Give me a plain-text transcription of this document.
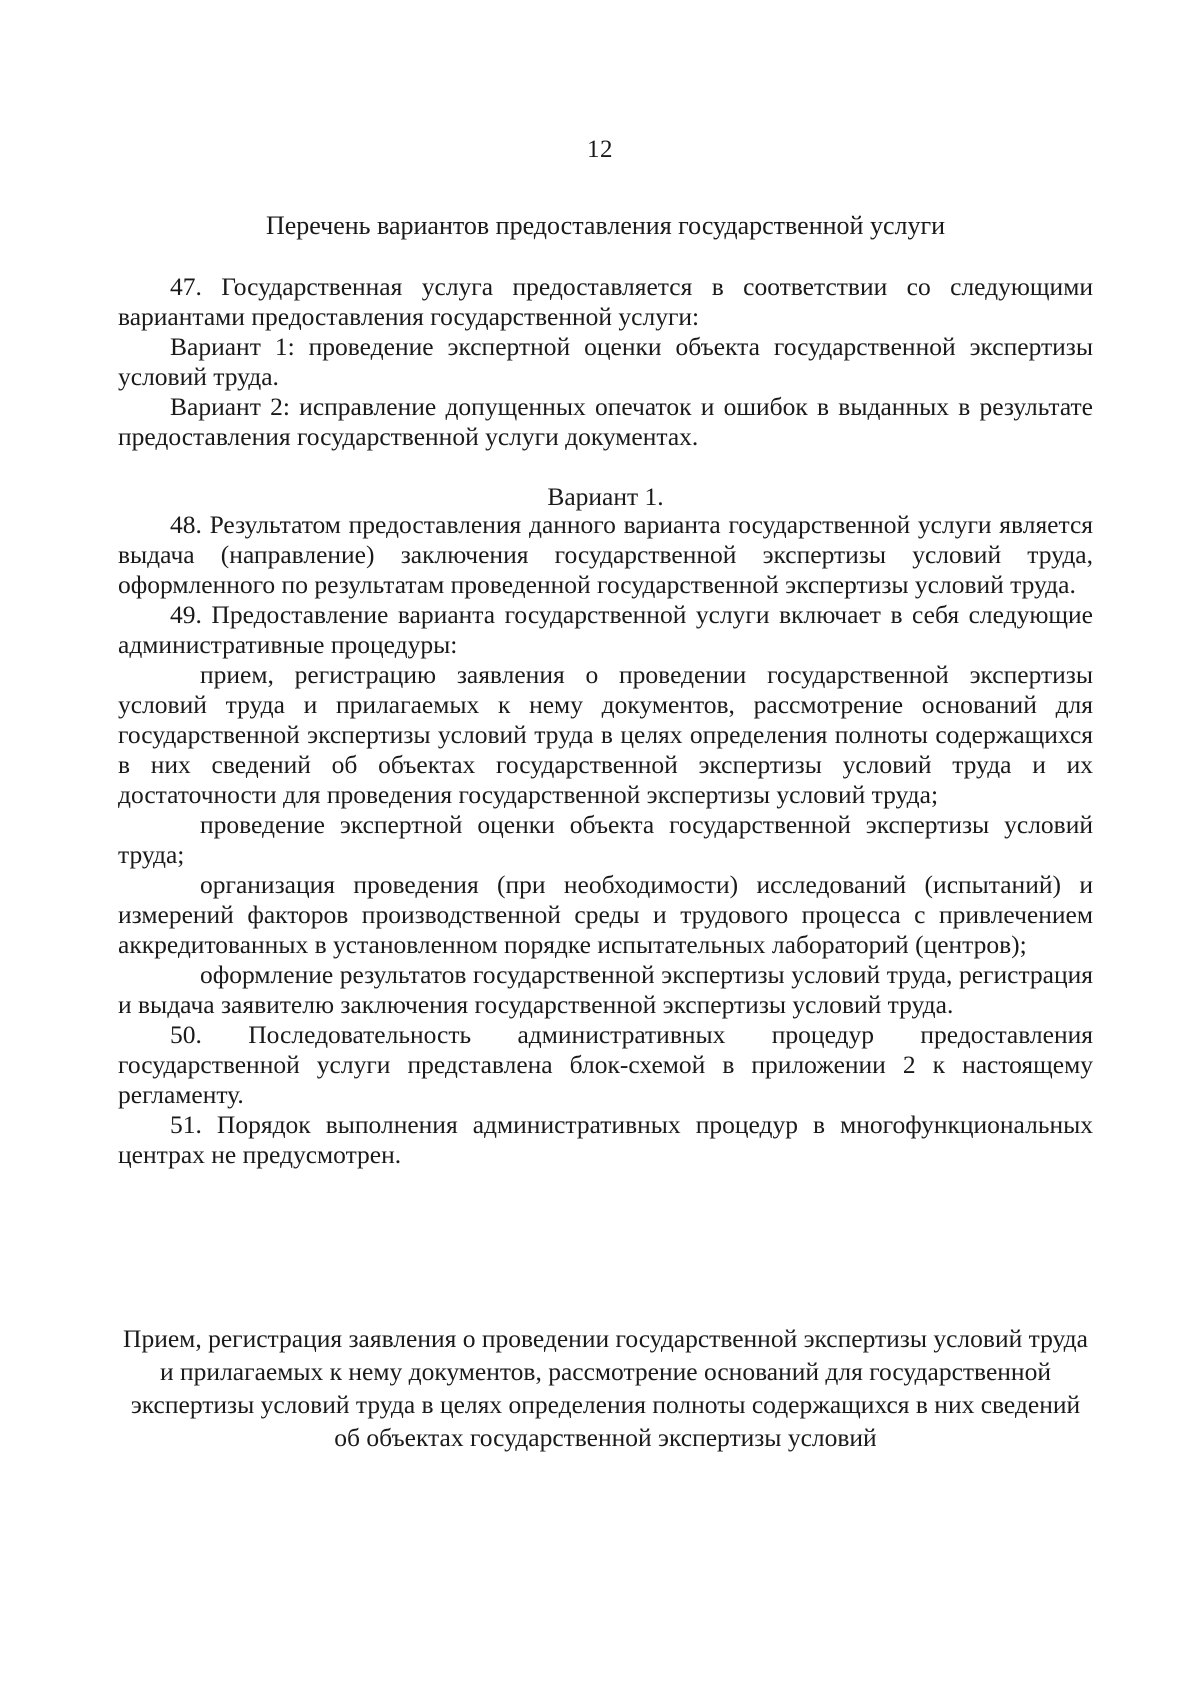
12
Перечень вариантов предоставления государственной услуги

47. Государственная услуга предоставляется в соответствии со следующими вариантами предоставления государственной услуги:

Вариант 1: проведение экспертной оценки объекта государственной экспертизы условий труда.

Вариант 2: исправление допущенных опечаток и ошибок в выданных в результате предоставления государственной услуги документах.

Вариант 1.

48. Результатом предоставления данного варианта государственной услуги является выдача (направление) заключения государственной экспертизы условий труда, оформленного по результатам проведенной государственной экспертизы условий труда.

49. Предоставление варианта государственной услуги включает в себя следующие административные процедуры:

прием, регистрацию заявления о проведении государственной экспертизы условий труда и прилагаемых к нему документов, рассмотрение оснований для государственной экспертизы условий труда в целях определения полноты содержащихся в них сведений об объектах государственной экспертизы условий труда и их достаточности для проведения государственной экспертизы условий труда;

проведение экспертной оценки объекта государственной экспертизы условий труда;

организация проведения (при необходимости) исследований (испытаний) и измерений факторов производственной среды и трудового процесса с привлечением аккредитованных в установленном порядке испытательных лабораторий (центров);

оформление результатов государственной экспертизы условий труда, регистрация и выдача заявителю заключения государственной экспертизы условий труда.

50. Последовательность административных процедур предоставления государственной услуги представлена блок-схемой в приложении 2 к настоящему регламенту.

51. Порядок выполнения административных процедур в многофункциональных центрах не предусмотрен.

Прием, регистрация заявления о проведении государственной экспертизы условий труда и прилагаемых к нему документов, рассмотрение оснований для государственной экспертизы условий труда в целях определения полноты содержащихся в них сведений об объектах государственной экспертизы условий
